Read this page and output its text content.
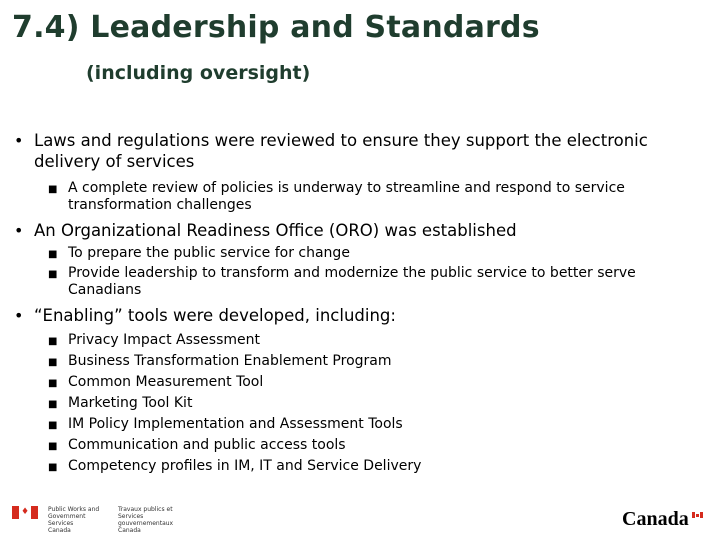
7.4) Leadership and Standards
(including oversight)
• Laws and regulations were reviewed to ensure they support the electronic delivery of services
■ A complete review of policies is underway to streamline and respond to service transformation challenges
• An Organizational Readiness Office (ORO) was established
■ To prepare the public service for change
■ Provide leadership to transform and modernize the public service to better serve Canadians
• “Enabling” tools were developed, including:
■ Privacy Impact Assessment
■ Business Transformation Enablement Program
■ Common Measurement Tool
■ Marketing Tool Kit
■ IM Policy Implementation and Assessment Tools
■ Communication and public access tools
■ Competency profiles in IM, IT and Service Delivery
♦	Public Works and
Government Services
Canada
Travaux publics et
Services gouvernementaux
Canada
Canada
